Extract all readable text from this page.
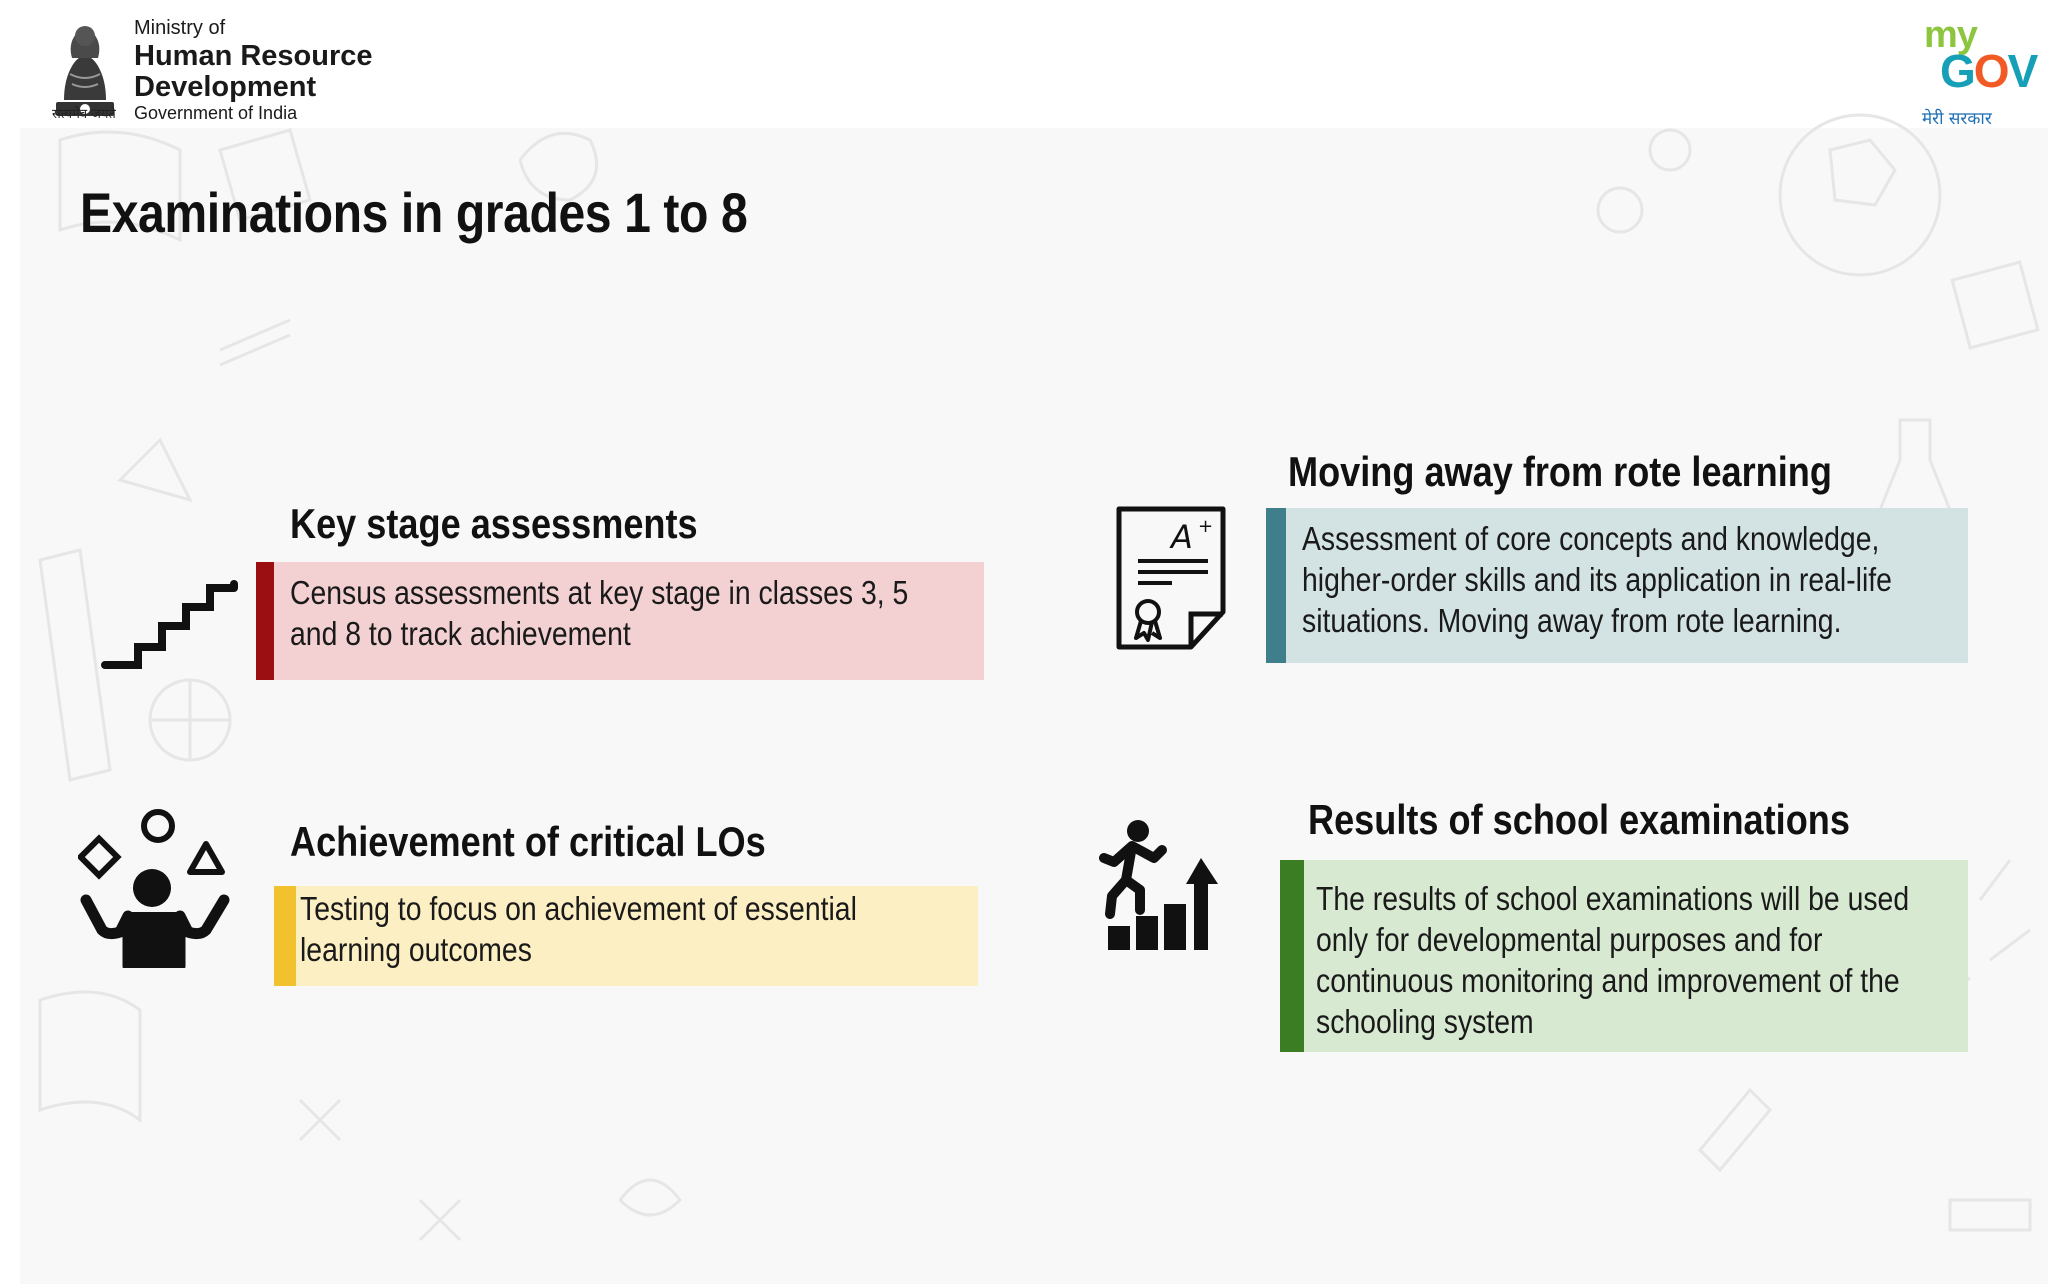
सत्यमेव जयते
Ministry of
Human Resource
Development
Government of India
my
GOV
मेरी सरकार
Examinations in grades 1 to 8
Key stage assessments
Census assessments at key stage in classes 3, 5
and 8 to track achievement
A +
Moving away from rote learning
Assessment of core concepts and knowledge,
higher-order skills and its application in real-life
situations. Moving away from rote learning.
Achievement of critical LOs
Testing to focus on achievement of essential
learning outcomes
Results of school examinations
The results of school examinations will be used
only for developmental purposes and for
continuous monitoring and improvement of the
schooling system
